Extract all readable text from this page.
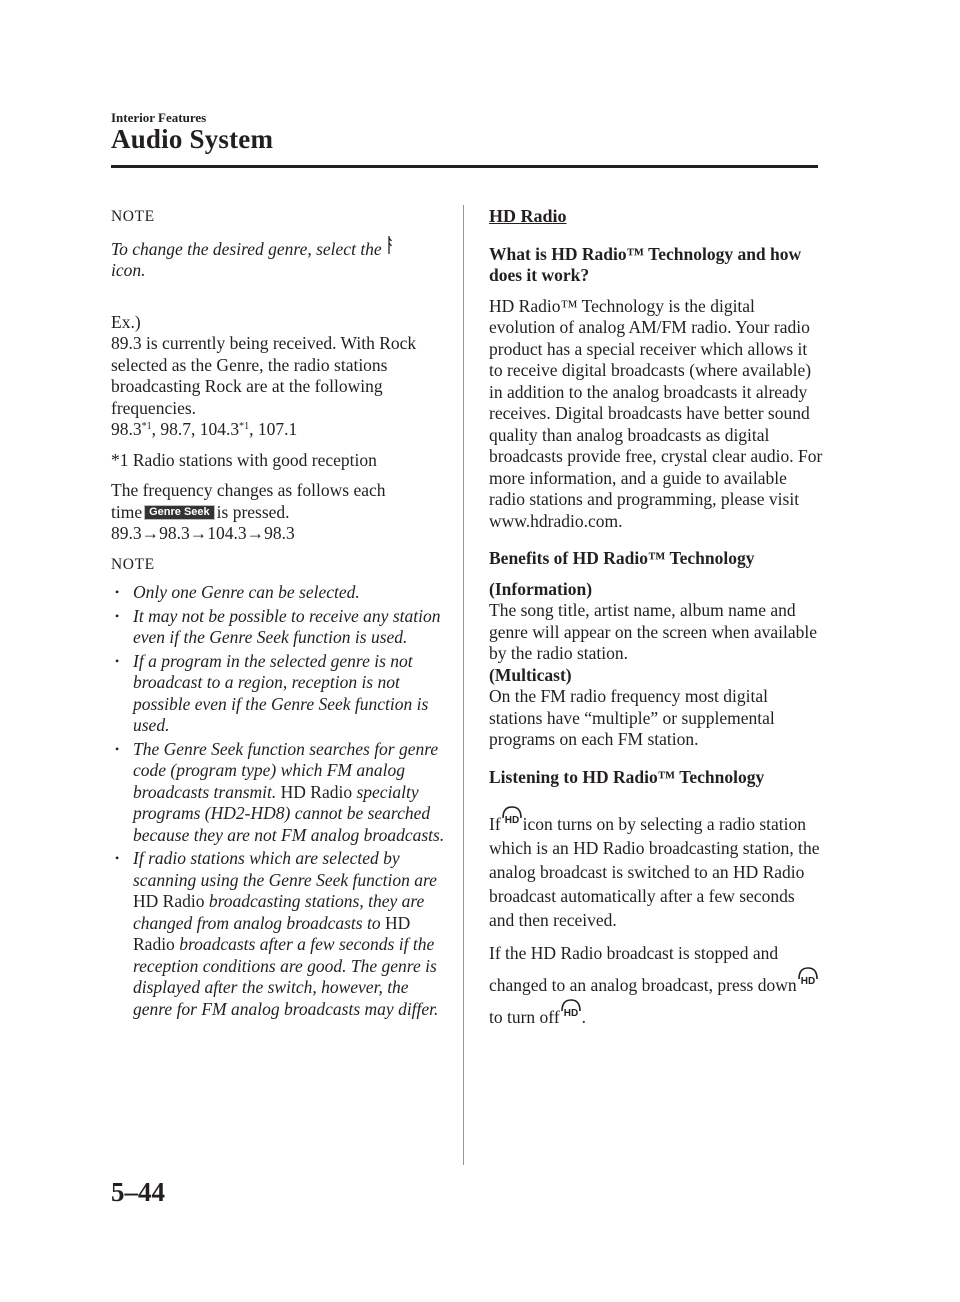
Interior Features
Audio System

NOTE

To change the desired genre, select the
icon.

Ex.)

89.3 is currently being received. With Rock selected as the Genre, the radio stations broadcasting Rock are at the following frequencies.

98.3$^{*1}$, 98.7, 104.3$^{*1}$, 107.1

*1 Radio stations with good reception

The frequency changes as follows each
time Genre Seek is pressed.

89.3→98.3→104.3→98.3

NOTE

• Only one Genre can be selected.
• It may not be possible to receive any station even if the Genre Seek function is used.
• If a program in the selected genre is not broadcast to a region, reception is not possible even if the Genre Seek function is used.
• The Genre Seek function searches for genre code (program type) which FM analog broadcasts transmit. HD Radio specialty programs (HD2-HD8) cannot be searched because they are not FM analog broadcasts.
• If radio stations which are selected by scanning using the Genre Seek function are HD Radio broadcasting stations, they are changed from analog broadcasts to HD Radio broadcasts after a few seconds if the reception conditions are good. The genre is displayed after the switch, however, the genre for FM analog broadcasts may differ.

HD Radio

What is HD Radio™ Technology and how does it work?

HD Radio™ Technology is the digital evolution of analog AM/FM radio. Your radio product has a special receiver which allows it to receive digital broadcasts (where available) in addition to the analog broadcasts it already receives. Digital broadcasts have better sound quality than analog broadcasts as digital broadcasts provide free, crystal clear audio. For more information, and a guide to available radio stations and programming, please visit www.hdradio.com.

Benefits of HD Radio™ Technology

(Information)

The song title, artist name, album name and genre will appear on the screen when available by the radio station.

(Multicast)

On the FM radio frequency most digital stations have “multiple” or supplemental programs on each FM station.

Listening to HD Radio™ Technology

If HD icon turns on by selecting a radio station which is an HD Radio broadcasting station, the analog broadcast is switched to an HD Radio broadcast automatically after a few seconds and then received.

If the HD Radio broadcast is stopped and changed to an analog broadcast, press down HD
to turn off HD .

5–44
